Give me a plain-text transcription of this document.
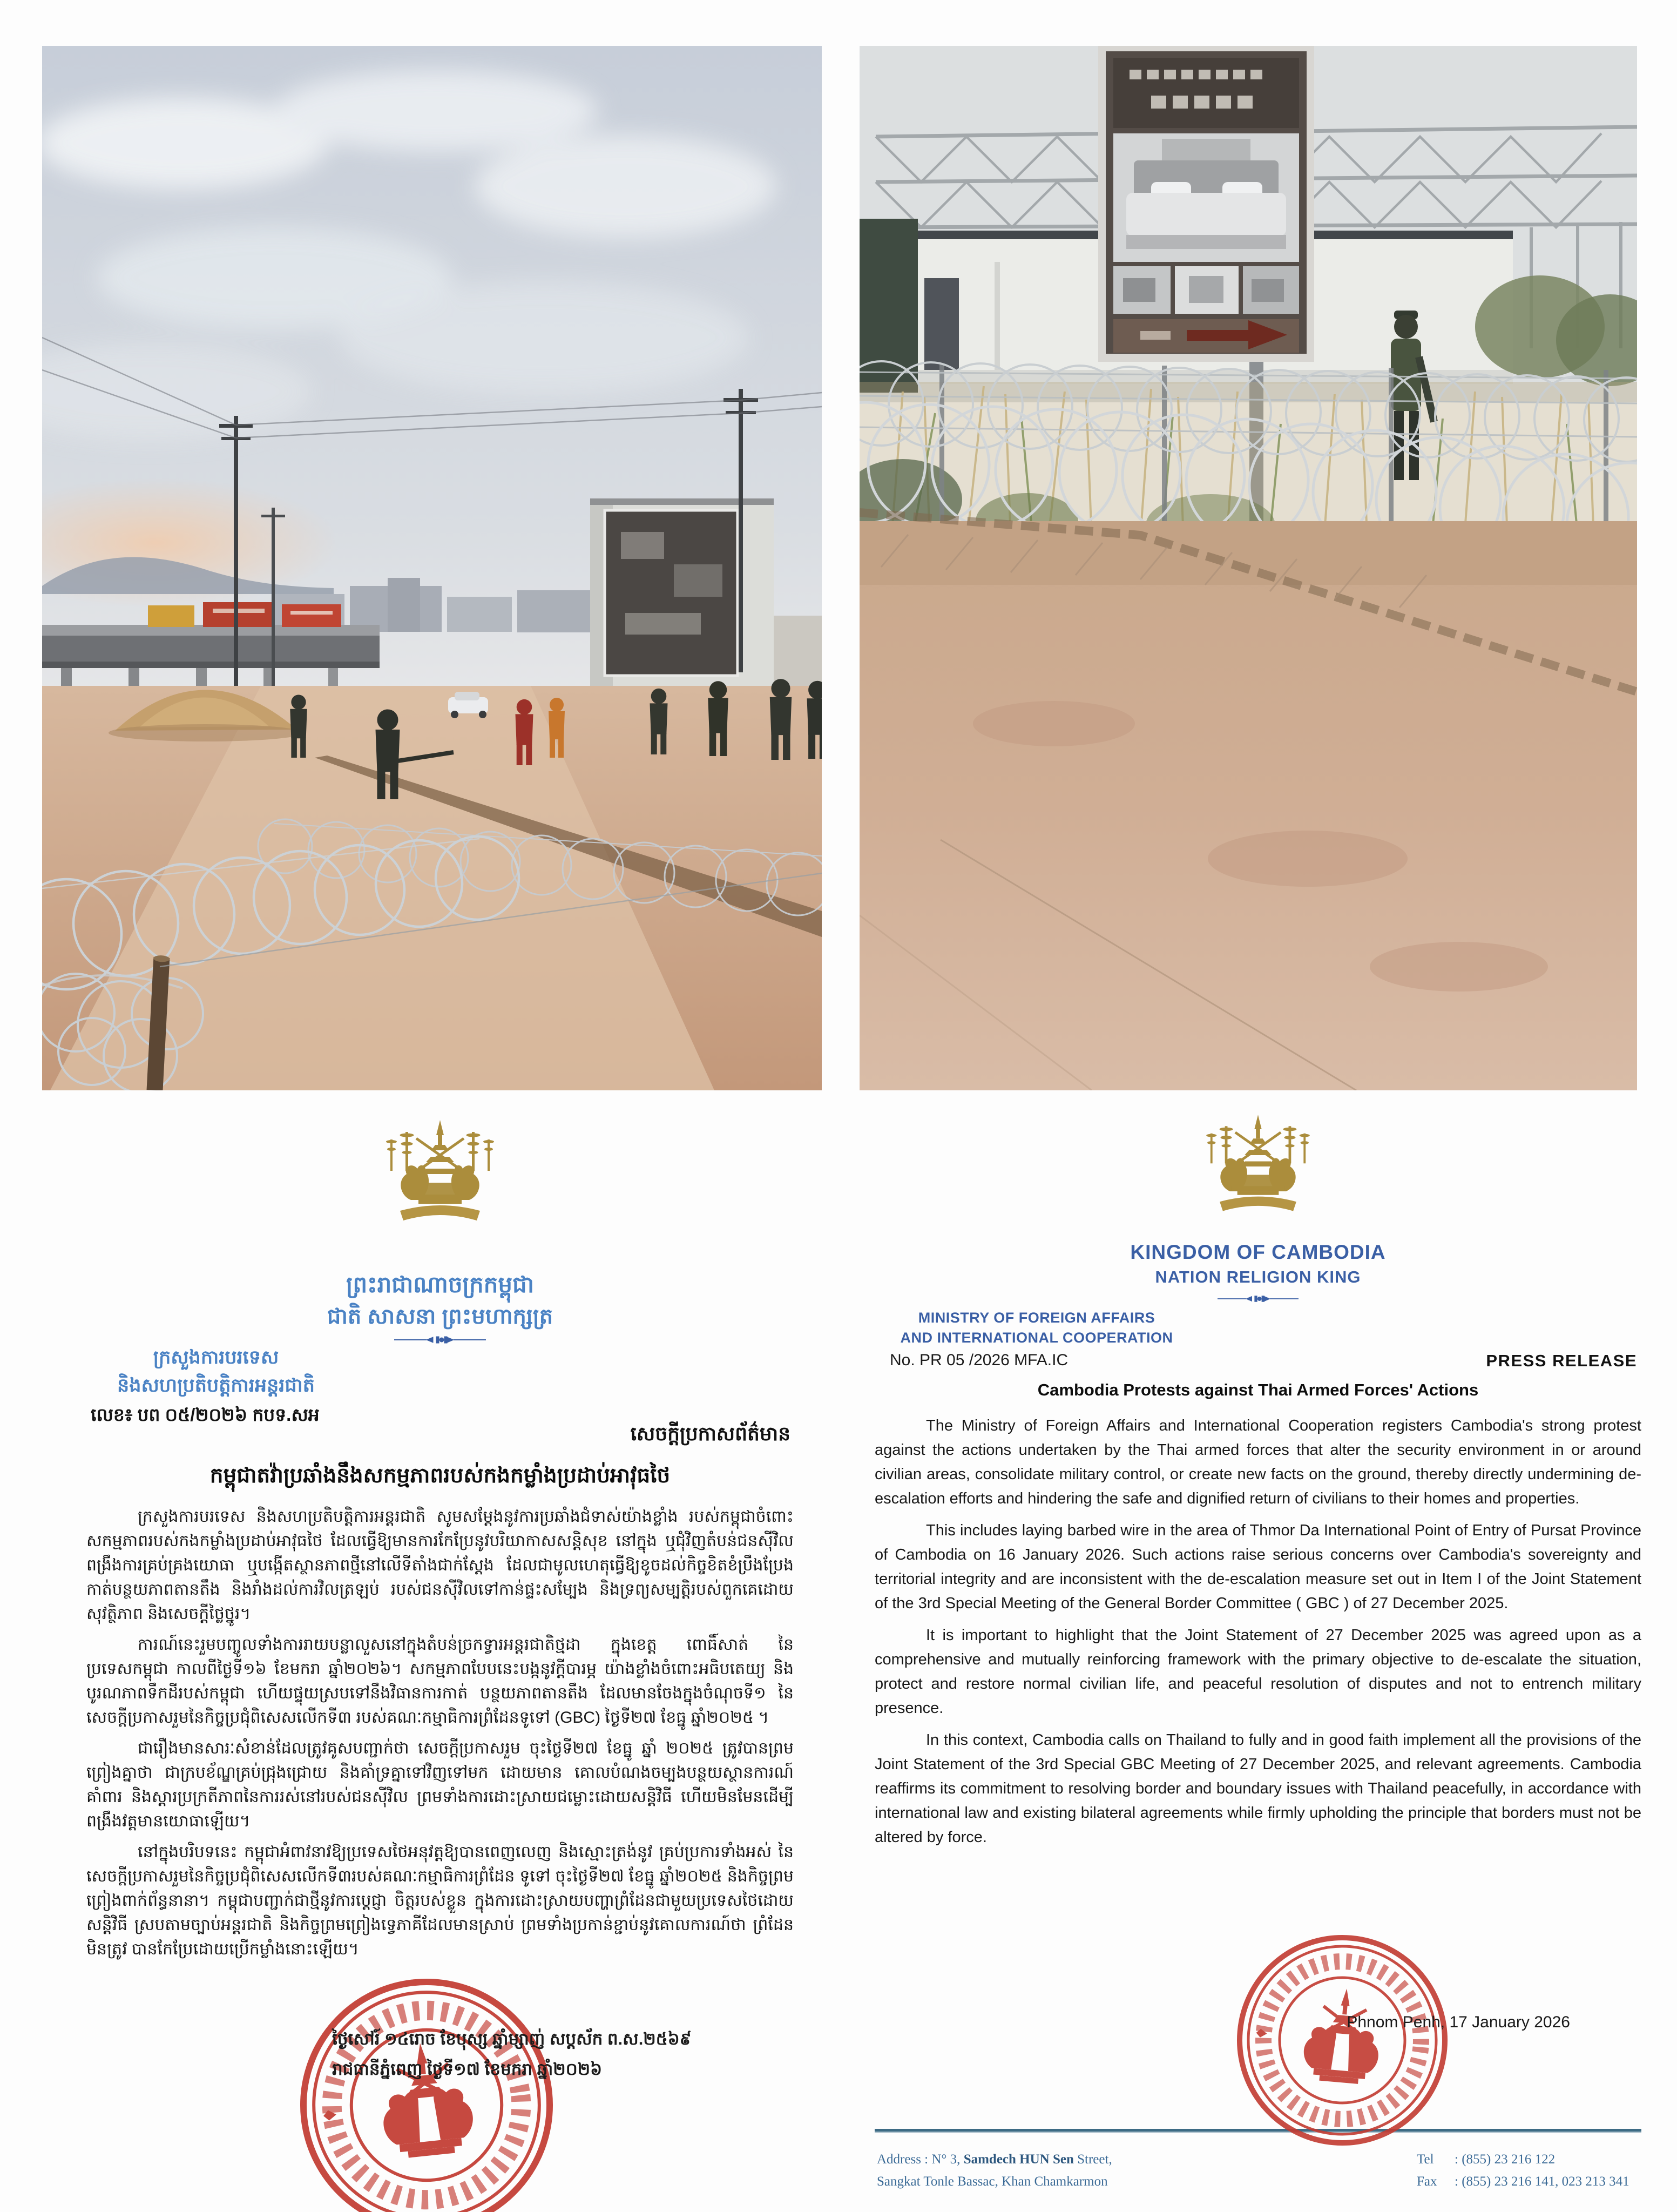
ព្រះរាជាណាចក្រកម្ពុជា
ជាតិ សាសនា ព្រះមហាក្សត្រ
ក្រសួងការបរទេស
និងសហប្រតិបត្តិការអន្តរជាតិ
លេខ៖ បព ០៥/២០២៦ កបទ.សអ
សេចក្តីប្រកាសព័ត៌មាន
កម្ពុជាតវ៉ាប្រឆាំងនឹងសកម្មភាពរបស់កងកម្លាំងប្រដាប់អាវុធថៃ

ក្រសួងការបរទេស និងសហប្រតិបត្តិការអន្តរជាតិ សូមសម្តែងនូវការប្រឆាំងជំទាស់យ៉ាងខ្លាំង របស់កម្ពុជាចំពោះសកម្មភាពរបស់កងកម្លាំងប្រដាប់អាវុធថៃ ដែលធ្វើឱ្យមានការកែប្រែនូវបរិយាកាសសន្តិសុខ នៅក្នុង ឬជុំវិញតំបន់ជនស៊ីវិល ពង្រឹងការគ្រប់គ្រងយោធា ឬបង្កើតស្ថានភាពថ្មីនៅលើទីតាំងជាក់ស្តែង ដែលជាមូលហេតុធ្វើឱ្យខូចដល់កិច្ចខិតខំប្រឹងប្រែងកាត់បន្ថយភាពតានតឹង និងរាំងដល់ការវិលត្រឡប់ របស់ជនស៊ីវិលទៅកាន់ផ្ទះសម្បែង និងទ្រព្យសម្បត្តិរបស់ពួកគេដោយសុវត្ថិភាព និងសេចក្តីថ្លៃថ្នូរ។

ការណ៍នេះរួមបញ្ចូលទាំងការរាយបន្លាលួសនៅក្នុងតំបន់ច្រកទ្វារអន្តរជាតិថ្មដា ក្នុងខេត្ត ពោធិ៍សាត់ នៃប្រទេសកម្ពុជា កាលពីថ្ងៃទី១៦ ខែមករា ឆ្នាំ២០២៦។ សកម្មភាពបែបនេះបង្កនូវក្តីបារម្ភ យ៉ាងខ្លាំងចំពោះអធិបតេយ្យ និងបូរណភាពទឹកដីរបស់កម្ពុជា ហើយផ្ទុយស្របទៅនឹងវិធានការកាត់ បន្ថយភាពតានតឹង ដែលមានចែងក្នុងចំណុចទី១ នៃសេចក្តីប្រកាសរួមនៃកិច្ចប្រជុំពិសេសលើកទី៣ របស់គណៈកម្មាធិការព្រំដែនទូទៅ (GBC) ថ្ងៃទី២៧ ខែធ្នូ ឆ្នាំ២០២៥ ។

ជារឿងមានសារៈសំខាន់ដែលត្រូវគូសបញ្ជាក់ថា សេចក្តីប្រកាសរួម ចុះថ្ងៃទី២៧ ខែធ្នូ ឆ្នាំ ២០២៥ ត្រូវបានព្រមព្រៀងគ្នាថា ជាក្របខ័ណ្ឌគ្រប់ជ្រុងជ្រោយ និងគាំទ្រគ្នាទៅវិញទៅមក ដោយមាន គោលបំណងចម្បងបន្ថយស្ថានការណ៍ គាំពារ និងស្តារប្រក្រតីភាពនៃការរស់នៅរបស់ជនស៊ីវិល ព្រមទាំងការដោះស្រាយជម្លោះដោយសន្តិវិធី ហើយមិនមែនដើម្បីពង្រឹងវត្តមានយោធាឡើយ។

នៅក្នុងបរិបទនេះ កម្ពុជាអំពាវនាវឱ្យប្រទេសថៃអនុវត្តឱ្យបានពេញលេញ និងស្មោះត្រង់នូវ គ្រប់ប្រការទាំងអស់ នៃសេចក្តីប្រកាសរួមនៃកិច្ចប្រជុំពិសេសលើកទី៣របស់គណៈកម្មាធិការព្រំដែន ទូទៅ ចុះថ្ងៃទី២៧ ខែធ្នូ ឆ្នាំ២០២៥ និងកិច្ចព្រមព្រៀងពាក់ព័ន្ធនានា។ កម្ពុជាបញ្ជាក់ជាថ្មីនូវការប្តេជ្ញា ចិត្តរបស់ខ្លួន ក្នុងការដោះស្រាយបញ្ហាព្រំដែនជាមួយប្រទេសថៃដោយសន្តិវិធី ស្របតាមច្បាប់អន្តរជាតិ និងកិច្ចព្រមព្រៀងទ្វេភាគីដែលមានស្រាប់ ព្រមទាំងប្រកាន់ខ្ជាប់នូវគោលការណ៍ថា ព្រំដែនមិនត្រូវ បានកែប្រែដោយប្រើកម្លាំងនោះឡើយ។

ថ្ងៃសៅរ៍ ១៤រោច ខែបុស្ស ឆ្នាំម្សាញ់ សប្តស័ក ព.ស.២៥៦៩
រាជធានីភ្នំពេញ ថ្ងៃទី១៧ ខែមករា ឆ្នាំ២០២៦
KINGDOM OF CAMBODIA
NATION RELIGION KING
MINISTRY OF FOREIGN AFFAIRS
AND INTERNATIONAL COOPERATION
No. PR 05 /2026 MFA.IC	PRESS RELEASE
Cambodia Protests against Thai Armed Forces' Actions

The Ministry of Foreign Affairs and International Cooperation registers Cambodia's strong protest against the actions undertaken by the Thai armed forces that alter the security environment in or around civilian areas, consolidate military control, or create new facts on the ground, thereby directly undermining de-escalation efforts and hindering the safe and dignified return of civilians to their homes and properties.

This includes laying barbed wire in the area of Thmor Da International Point of Entry of Pursat Province of Cambodia on 16 January 2026. Such actions raise serious concerns over Cambodia's sovereignty and territorial integrity and are inconsistent with the de-escalation measure set out in Item I of the Joint Statement of the 3rd Special Meeting of the General Border Committee ( GBC ) of 27 December 2025.

It is important to highlight that the Joint Statement of 27 December 2025 was agreed upon as a comprehensive and mutually reinforcing framework with the primary objective to de-escalate the situation, protect and restore normal civilian life, and peaceful resolution of disputes and not to entrench military presence.

In this context, Cambodia calls on Thailand to fully and in good faith implement all the provisions of the Joint Statement of the 3rd Special GBC Meeting of 27 December 2025, and relevant agreements. Cambodia reaffirms its commitment to resolving border and boundary issues with Thailand peacefully, in accordance with international law and existing bilateral agreements while firmly upholding the principle that borders must not be altered by force.

Phnom Penh, 17 January 2026
Address : N° 3, Samdech HUN Sen Street,
Sangkat Tonle Bassac, Khan Chamkarmon
Tel : (855) 23 216 122
Fax : (855) 23 216 141, 023 213 341
